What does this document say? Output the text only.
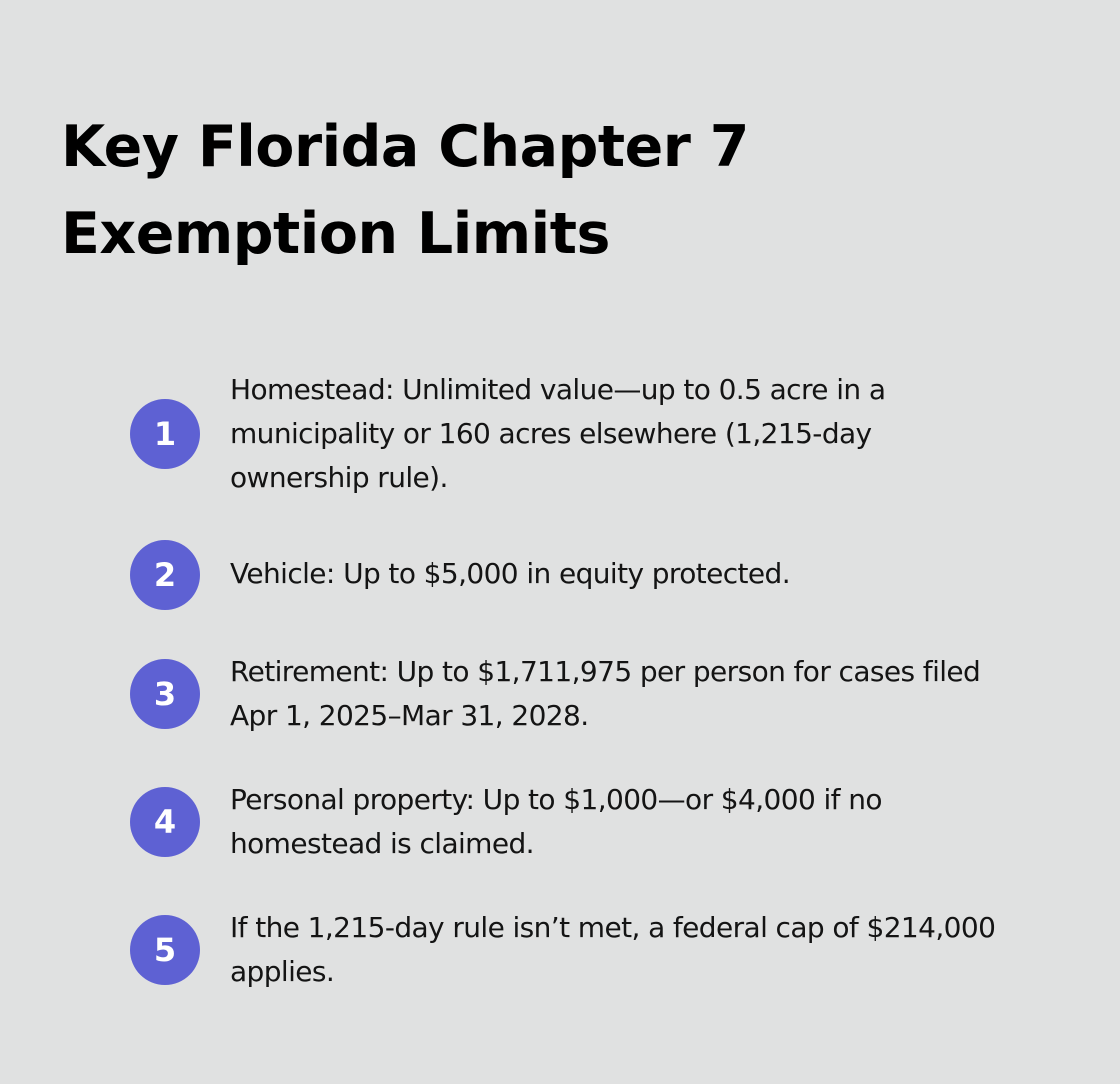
Key Florida Chapter 7 Exemption Limits
1

Homestead: Unlimited value—up to 0.5 acre in a municipality or 160 acres elsewhere (1,215-day ownership rule).

2	Vehicle: Up to $5,000 in equity protected.

3

Retirement: Up to $1,711,975 per person for cases filed Apr 1, 2025–Mar 31, 2028.

4

Personal property: Up to $1,000—or $4,000 if no homestead is claimed.

5

If the 1,215-day rule isn’t met, a federal cap of $214,000 applies.
